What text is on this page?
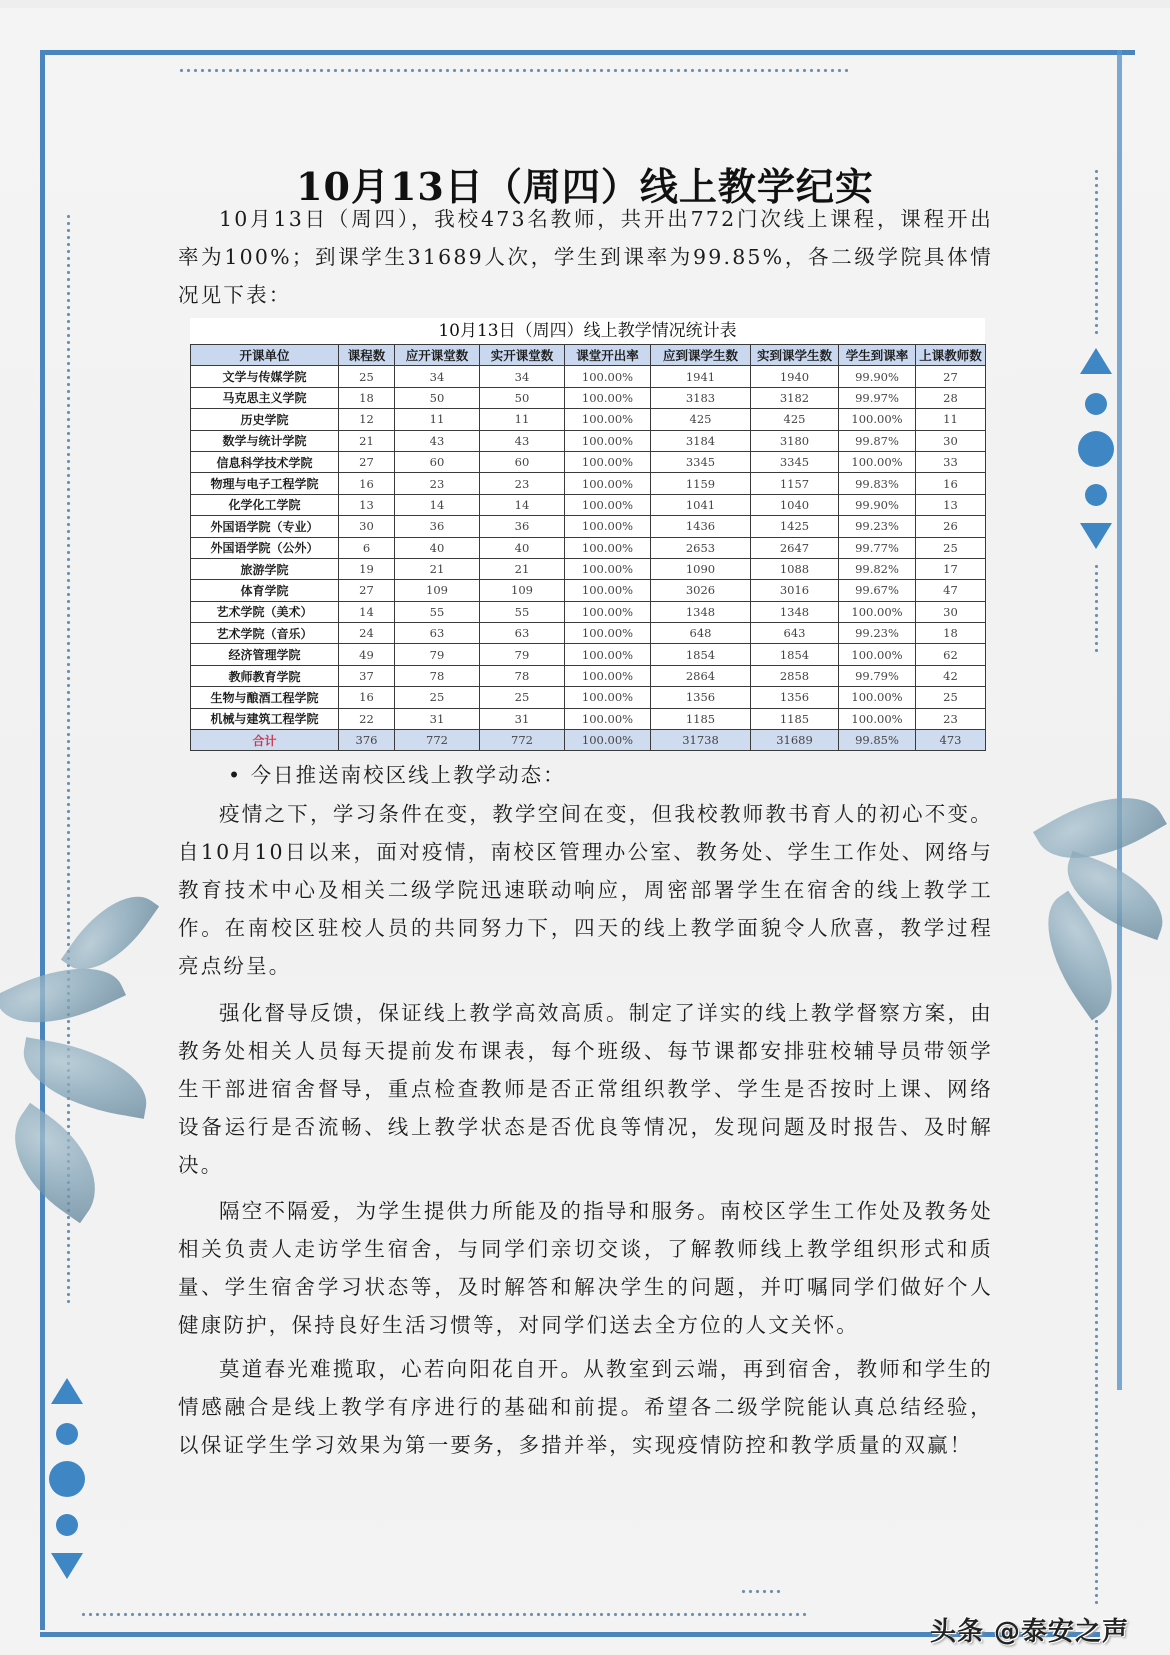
10月13日（周四）线上教学纪实
10月13日（周四），我校473名教师，共开出772门次线上课程，课程开出率为100%；到课学生31689人次，学生到课率为99.85%，各二级学院具体情况见下表：
10月13日（周四）线上教学情况统计表
开课单位	课程数	应开课堂数	实开课堂数	课堂开出率	应到课学生数	实到课学生数	学生到课率	上课教师数
文学与传媒学院	25	34	34	100.00%	1941	1940	99.90%	27
马克思主义学院	18	50	50	100.00%	3183	3182	99.97%	28
历史学院	12	11	11	100.00%	425	425	100.00%	11
数学与统计学院	21	43	43	100.00%	3184	3180	99.87%	30
信息科学技术学院	27	60	60	100.00%	3345	3345	100.00%	33
物理与电子工程学院	16	23	23	100.00%	1159	1157	99.83%	16
化学化工学院	13	14	14	100.00%	1041	1040	99.90%	13
外国语学院（专业）	30	36	36	100.00%	1436	1425	99.23%	26
外国语学院（公外）	6	40	40	100.00%	2653	2647	99.77%	25
旅游学院	19	21	21	100.00%	1090	1088	99.82%	17
体育学院	27	109	109	100.00%	3026	3016	99.67%	47
艺术学院（美术）	14	55	55	100.00%	1348	1348	100.00%	30
艺术学院（音乐）	24	63	63	100.00%	648	643	99.23%	18
经济管理学院	49	79	79	100.00%	1854	1854	100.00%	62
教师教育学院	37	78	78	100.00%	2864	2858	99.79%	42
生物与酿酒工程学院	16	25	25	100.00%	1356	1356	100.00%	25
机械与建筑工程学院	22	31	31	100.00%	1185	1185	100.00%	23
合计	376	772	772	100.00%	31738	31689	99.85%	473
• 今日推送南校区线上教学动态：
疫情之下，学习条件在变，教学空间在变，但我校教师教书育人的初心不变。自10月10日以来，面对疫情，南校区管理办公室、教务处、学生工作处、网络与教育技术中心及相关二级学院迅速联动响应，周密部署学生在宿舍的线上教学工作。在南校区驻校人员的共同努力下，四天的线上教学面貌令人欣喜，教学过程亮点纷呈。
强化督导反馈，保证线上教学高效高质。制定了详实的线上教学督察方案，由教务处相关人员每天提前发布课表，每个班级、每节课都安排驻校辅导员带领学生干部进宿舍督导，重点检查教师是否正常组织教学、学生是否按时上课、网络设备运行是否流畅、线上教学状态是否优良等情况，发现问题及时报告、及时解决。
隔空不隔爱，为学生提供力所能及的指导和服务。南校区学生工作处及教务处相关负责人走访学生宿舍，与同学们亲切交谈，了解教师线上教学组织形式和质量、学生宿舍学习状态等，及时解答和解决学生的问题，并叮嘱同学们做好个人健康防护，保持良好生活习惯等，对同学们送去全方位的人文关怀。
莫道春光难揽取，心若向阳花自开。从教室到云端，再到宿舍，教师和学生的情感融合是线上教学有序进行的基础和前提。希望各二级学院能认真总结经验，以保证学生学习效果为第一要务，多措并举，实现疫情防控和教学质量的双赢！
头条 @泰安之声
